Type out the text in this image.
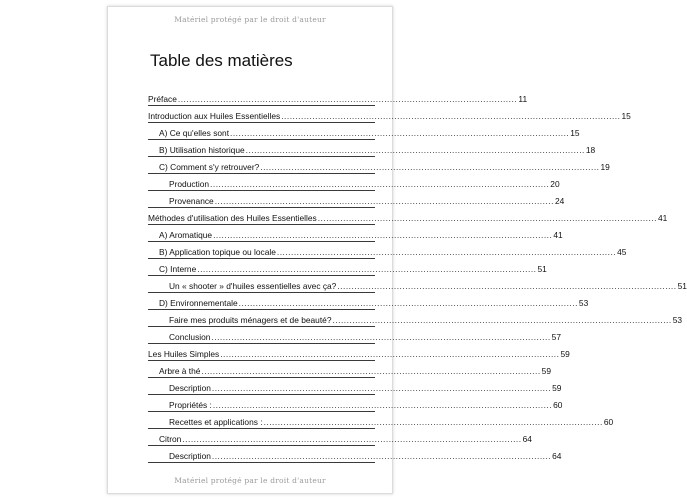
Matériel protégé par le droit d'auteur
Table des matières
Préface ........................................................................................................................ 11
Introduction aux Huiles Essentielles ........................................................................................................................ 15
A) Ce qu'elles sont ........................................................................................................................ 15
B) Utilisation historique ........................................................................................................................ 18
C) Comment s'y retrouver? ........................................................................................................................ 19
Production ........................................................................................................................ 20
Provenance ........................................................................................................................ 24
Méthodes d'utilisation des Huiles Essentielles ........................................................................................................................ 41
A) Aromatique ........................................................................................................................ 41
B) Application topique ou locale ........................................................................................................................ 45
C) Interne ........................................................................................................................ 51
Un « shooter » d'huiles essentielles avec ça? ........................................................................................................................ 51
D) Environnementale ........................................................................................................................ 53
Faire mes produits ménagers et de beauté? ........................................................................................................................ 53
Conclusion ........................................................................................................................ 57
Les Huiles Simples ........................................................................................................................ 59
Arbre à thé ........................................................................................................................ 59
Description ........................................................................................................................ 59
Propriétés : ........................................................................................................................ 60
Recettes et applications : ........................................................................................................................ 60
Citron ........................................................................................................................ 64
Description ........................................................................................................................ 64
Matériel protégé par le droit d'auteur
